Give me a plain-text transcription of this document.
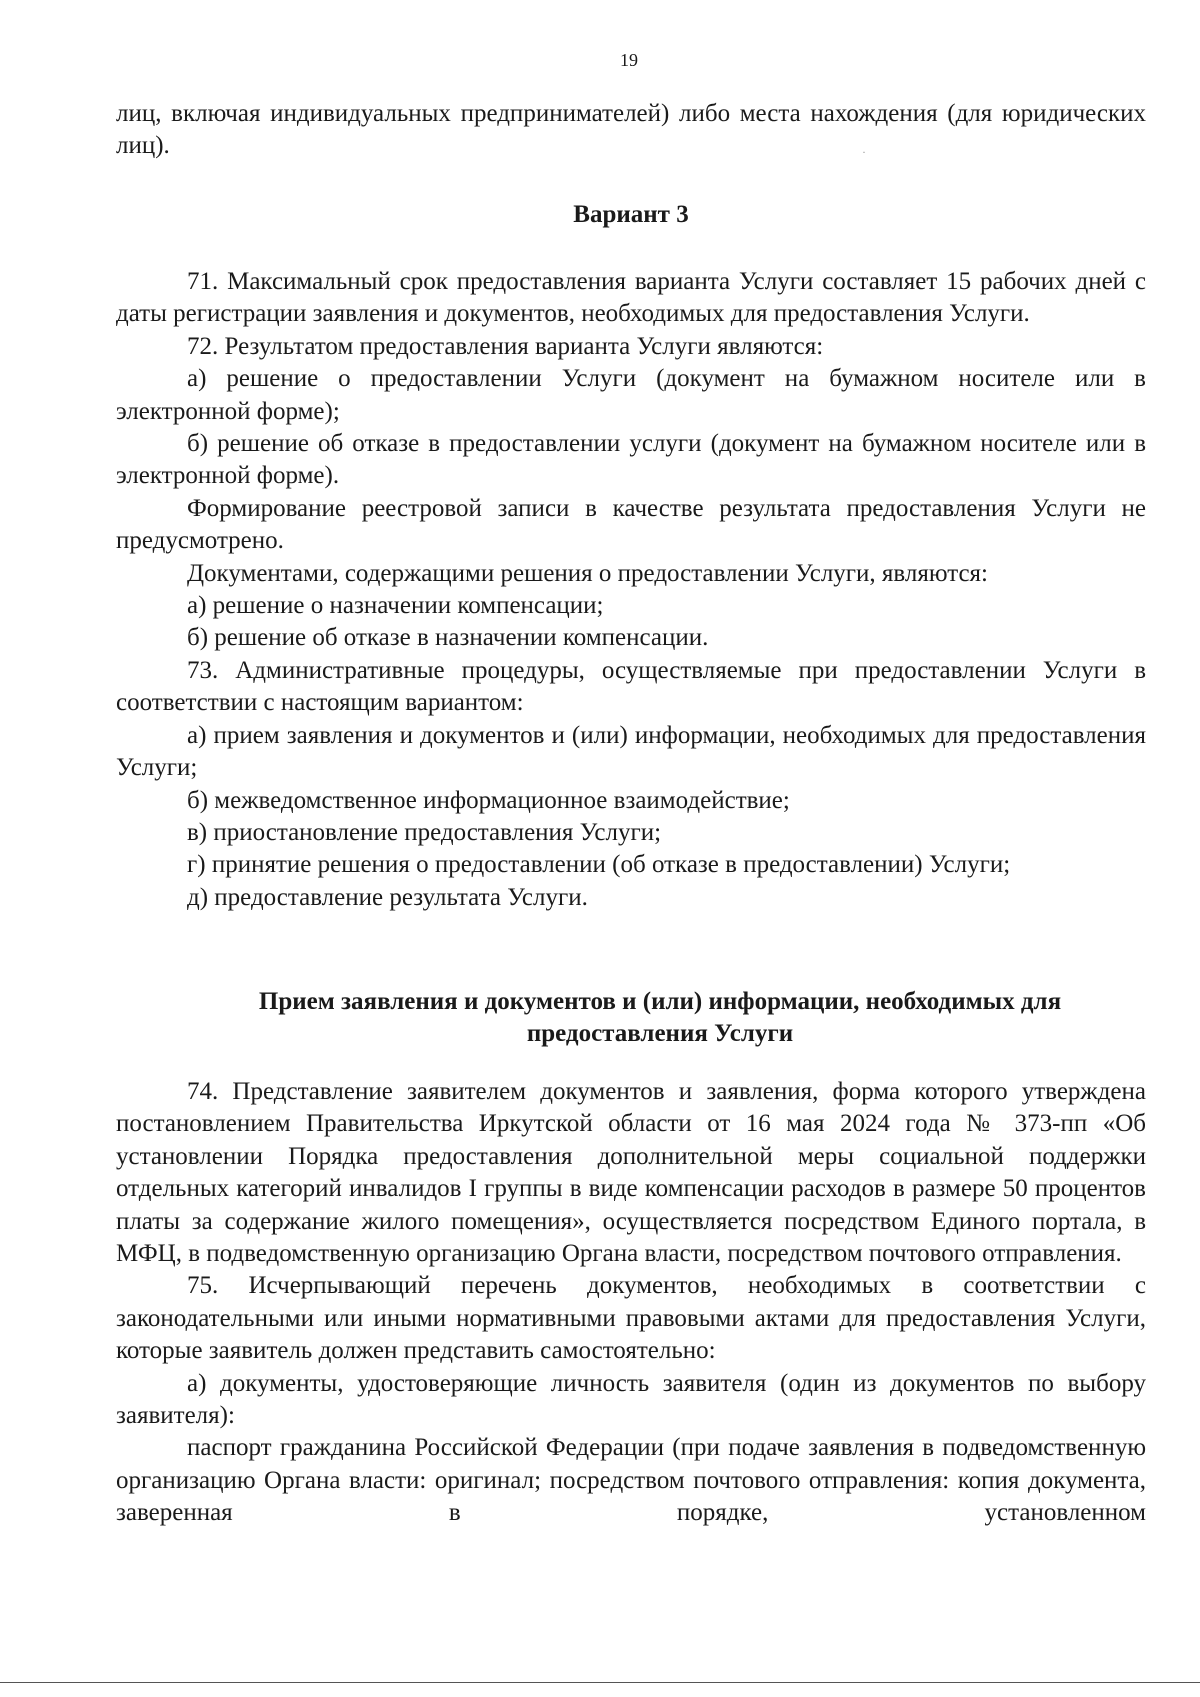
19

лиц, включая индивидуальных предпринимателей) либо места нахождения (для юридических лиц).

Вариант 3

71. Максимальный срок предоставления варианта Услуги составляет 15 рабочих дней с даты регистрации заявления и документов, необходимых для предоставления Услуги.

72. Результатом предоставления варианта Услуги являются:

а) решение о предоставлении Услуги (документ на бумажном носителе или в электронной форме);

б) решение об отказе в предоставлении услуги (документ на бумажном носителе или в электронной форме).

Формирование реестровой записи в качестве результата предоставления Услуги не предусмотрено.

Документами, содержащими решения о предоставлении Услуги, являются:

а) решение о назначении компенсации;

б) решение об отказе в назначении компенсации.

73. Административные процедуры, осуществляемые при предоставлении Услуги в соответствии с настоящим вариантом:

а) прием заявления и документов и (или) информации, необходимых для предоставления Услуги;

б) межведомственное информационное взаимодействие;

в) приостановление предоставления Услуги;

г) принятие решения о предоставлении (об отказе в предоставлении) Услуги;

д) предоставление результата Услуги.

Прием заявления и документов и (или) информации, необходимых для
предоставления Услуги

74. Представление заявителем документов и заявления, форма которого утверждена постановлением Правительства Иркутской области от 16 мая 2024 года № 373-пп «Об установлении Порядка предоставления дополнительной меры социальной поддержки отдельных категорий инвалидов I группы в виде компенсации расходов в размере 50 процентов платы за содержание жилого помещения», осуществляется посредством Единого портала, в МФЦ, в подведомственную организацию Органа власти, посредством почтового отправления.

75. Исчерпывающий перечень документов, необходимых в соответствии с законодательными или иными нормативными правовыми актами для предоставления Услуги, которые заявитель должен представить самостоятельно:

а) документы, удостоверяющие личность заявителя (один из документов по выбору заявителя):

паспорт гражданина Российской Федерации (при подаче заявления в подведомственную организацию Органа власти: оригинал; посредством почтового отправления: копия документа, заверенная в порядке, установленном

·
